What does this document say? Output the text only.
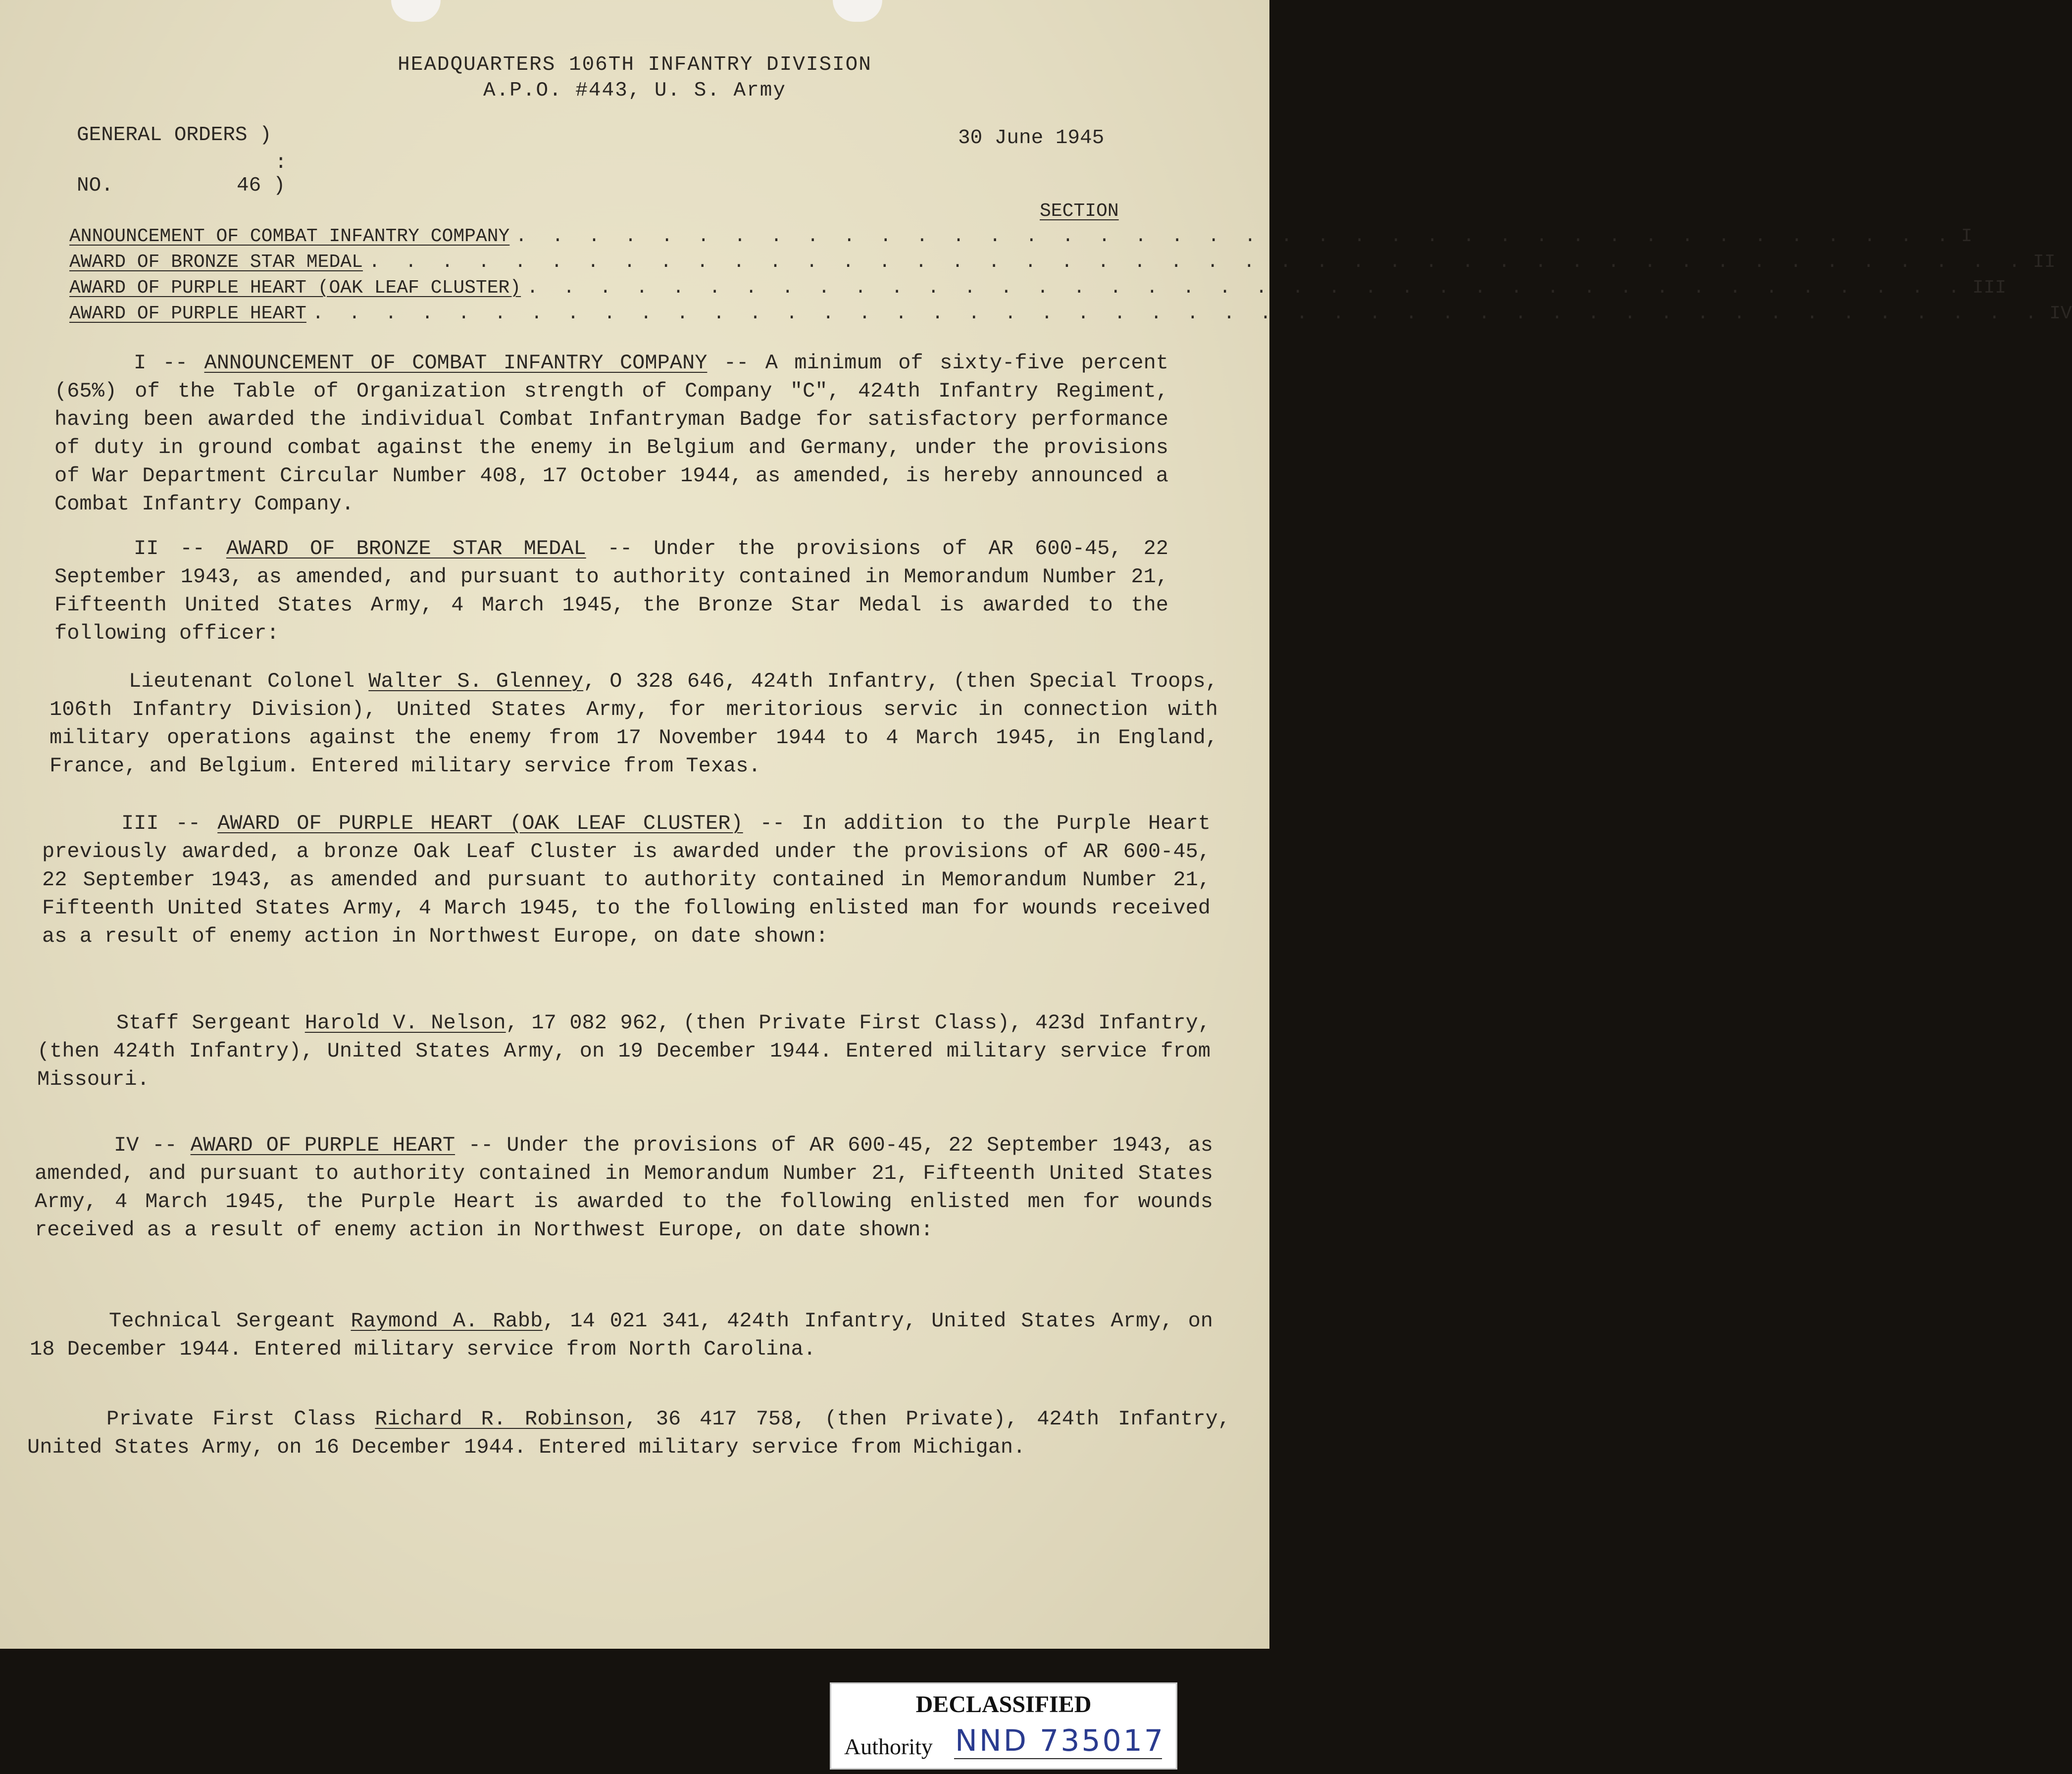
HEADQUARTERS 106TH INFANTRY DIVISION
A.P.O. #443, U. S. Army
GENERAL ORDERS )
:
NO.	46 )
30 June 1945
SECTION
ANNOUNCEMENT OF COMBAT INFANTRY COMPANY . . . . . . . . . . . . . . . . . . . . . . . . . . . . . . . . . . . . . . . . I
AWARD OF BRONZE STAR MEDAL . . . . . . . . . . . . . . . . . . . . . . . . . . . . . . . . . . . . . . . . . . . . . . II
AWARD OF PURPLE HEART (OAK LEAF CLUSTER) . . . . . . . . . . . . . . . . . . . . . . . . . . . . . . . . . . . . . . . . III
AWARD OF PURPLE HEART . . . . . . . . . . . . . . . . . . . . . . . . . . . . . . . . . . . . . . . . . . . . . . . . IV

I -- ANNOUNCEMENT OF COMBAT INFANTRY COMPANY -- A minimum of sixty-five percent (65%) of the Table of Organization strength of Company "C", 424th Infantry Regiment, having been awarded the individual Combat Infantryman Badge for satisfactory performance of duty in ground combat against the enemy in Belgium and Germany, under the provisions of War Department Circular Number 408, 17 October 1944, as amended, is hereby announced a Combat Infantry Company.

II -- AWARD OF BRONZE STAR MEDAL -- Under the provisions of AR 600-45, 22 September 1943, as amended, and pursuant to authority contained in Memorandum Number 21, Fifteenth United States Army, 4 March 1945, the Bronze Star Medal is awarded to the following officer:

Lieutenant Colonel Walter S. Glenney, O 328 646, 424th Infantry, (then Special Troops, 106th Infantry Division), United States Army, for meritorious servic in connection with military operations against the enemy from 17 November 1944 to 4 March 1945, in England, France, and Belgium. Entered military service from Texas.

III -- AWARD OF PURPLE HEART (OAK LEAF CLUSTER) -- In addition to the Purple Heart previously awarded, a bronze Oak Leaf Cluster is awarded under the provisions of AR 600-45, 22 September 1943, as amended and pursuant to authority contained in Memorandum Number 21, Fifteenth United States Army, 4 March 1945, to the following enlisted man for wounds received as a result of enemy action in Northwest Europe, on date shown:

Staff Sergeant Harold V. Nelson, 17 082 962, (then Private First Class), 423d Infantry, (then 424th Infantry), United States Army, on 19 December 1944. Entered military service from Missouri.

IV -- AWARD OF PURPLE HEART -- Under the provisions of AR 600-45, 22 September 1943, as amended, and pursuant to authority contained in Memorandum Number 21, Fifteenth United States Army, 4 March 1945, the Purple Heart is awarded to the following enlisted men for wounds received as a result of enemy action in Northwest Europe, on date shown:

Technical Sergeant Raymond A. Rabb, 14 021 341, 424th Infantry, United States Army, on 18 December 1944. Entered military service from North Carolina.

Private First Class Richard R. Robinson, 36 417 758, (then Private), 424th Infantry, United States Army, on 16 December 1944. Entered military service from Michigan.

DECLASSIFIED
Authority NND 735017
